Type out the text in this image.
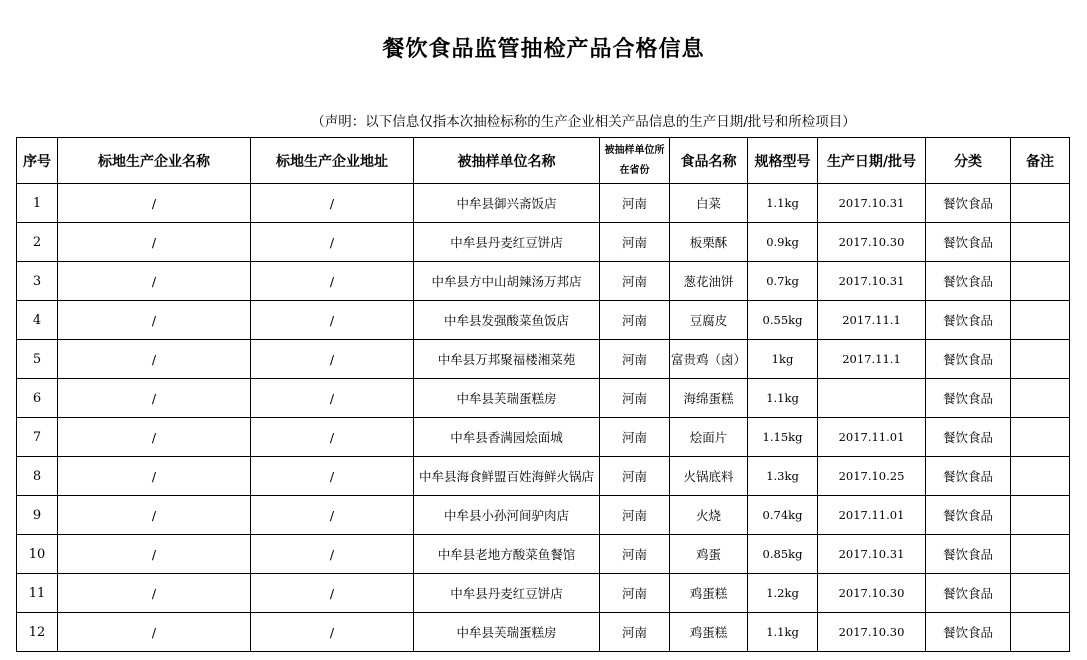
餐饮食品监管抽检产品合格信息
（声明：以下信息仅指本次抽检标称的生产企业相关产品信息的生产日期/批号和所检项目）
序号	标地生产企业名称	标地生产企业地址	被抽样单位名称	被抽样单位所在省份	食品名称	规格型号	生产日期/批号	分类	备注
1	/	/	中牟县御兴斋饭店	河南	白菜	1.1kg	2017.10.31	餐饮食品	
2	/	/	中牟县丹麦红豆饼店	河南	板栗酥	0.9kg	2017.10.30	餐饮食品	
3	/	/	中牟县方中山胡辣汤万邦店	河南	葱花油饼	0.7kg	2017.10.31	餐饮食品	
4	/	/	中牟县发强酸菜鱼饭店	河南	豆腐皮	0.55kg	2017.11.1	餐饮食品	
5	/	/	中牟县万邦聚福楼湘菜苑	河南	富贵鸡（卤）	1kg	2017.11.1	餐饮食品	
6	/	/	中牟县芙瑞蛋糕房	河南	海绵蛋糕	1.1kg		餐饮食品	
7	/	/	中牟县香满园烩面城	河南	烩面片	1.15kg	2017.11.01	餐饮食品	
8	/	/	中牟县海食鲜盟百姓海鲜火锅店	河南	火锅底料	1.3kg	2017.10.25	餐饮食品	
9	/	/	中牟县小孙河间驴肉店	河南	火烧	0.74kg	2017.11.01	餐饮食品	
10	/	/	中牟县老地方酸菜鱼餐馆	河南	鸡蛋	0.85kg	2017.10.31	餐饮食品	
11	/	/	中牟县丹麦红豆饼店	河南	鸡蛋糕	1.2kg	2017.10.30	餐饮食品	
12	/	/	中牟县芙瑞蛋糕房	河南	鸡蛋糕	1.1kg	2017.10.30	餐饮食品	
